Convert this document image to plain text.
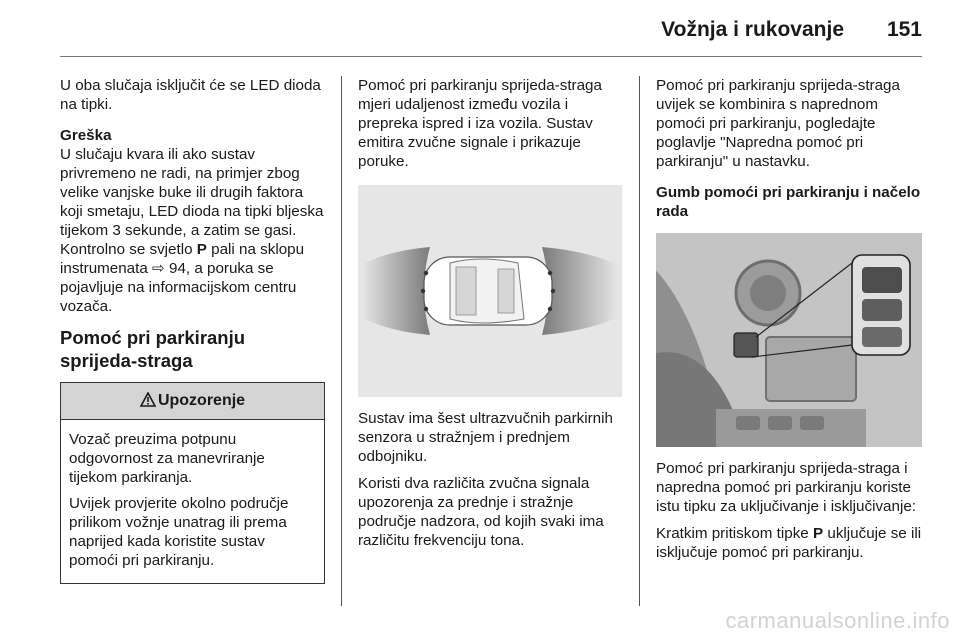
Vožnja i rukovanje 151

U oba slučaja isključit će se LED dioda na tipki.

Greška

U slučaju kvara ili ako sustav privremeno ne radi, na primjer zbog velike vanjske buke ili drugih faktora koji smetaju, LED dioda na tipki bljeska tijekom 3 sekunde, a zatim se gasi. Kontrolno se svjetlo P pali na sklopu instrumenata ⇨ 94, a poruka se pojavljuje na informacijskom centru vozača.

Pomoć pri parkiranju sprijeda-straga
Upozorenje

Vozač preuzima potpunu odgovornost za manevriranje tijekom parkiranja.

Uvijek provjerite okolno područje prilikom vožnje unatrag ili prema naprijed kada koristite sustav pomoći pri parkiranju.

Pomoć pri parkiranju sprijeda-straga mjeri udaljenost između vozila i prepreka ispred i iza vozila. Sustav emitira zvučne signale i prikazuje poruke.

Sustav ima šest ultrazvučnih parkirnih senzora u stražnjem i prednjem odbojniku.

Koristi dva različita zvučna signala upozorenja za prednje i stražnje područje nadzora, od kojih svaki ima različitu frekvenciju tona.

Pomoć pri parkiranju sprijeda-straga uvijek se kombinira s naprednom pomoći pri parkiranju, pogledajte poglavlje "Napredna pomoć pri parkiranju" u nastavku.

Gumb pomoći pri parkiranju i načelo rada

Pomoć pri parkiranju sprijeda-straga i napredna pomoć pri parkiranju koriste istu tipku za uključivanje i isključivanje:

Kratkim pritiskom tipke P uključuje se ili isključuje pomoć pri parkiranju.

carmanualsonline.info
